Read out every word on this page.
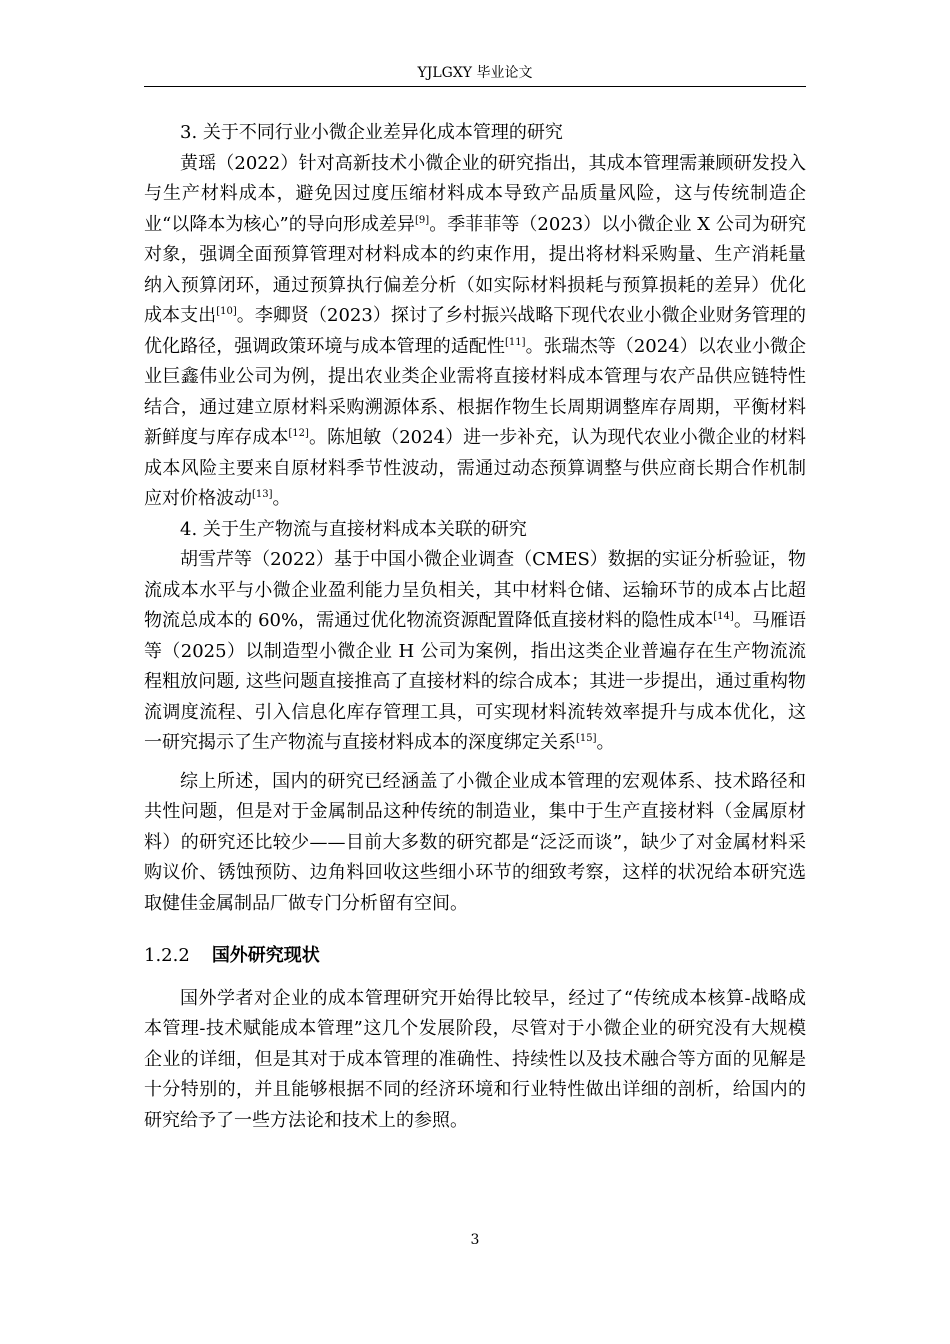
YJLGXY 毕业论文

3. 关于不同行业小微企业差异化成本管理的研究

黄瑶（2022）针对高新技术小微企业的研究指出，其成本管理需兼顾研发投入与生产材料成本，避免因过度压缩材料成本导致产品质量风险，这与传统制造企业“以降本为核心”的导向形成差异[9]。季菲菲等（2023）以小微企业 X 公司为研究对象，强调全面预算管理对材料成本的约束作用，提出将材料采购量、生产消耗量纳入预算闭环，通过预算执行偏差分析（如实际材料损耗与预算损耗的差异）优化成本支出[10]。李卿贤（2023）探讨了乡村振兴战略下现代农业小微企业财务管理的优化路径，强调政策环境与成本管理的适配性[11]。张瑞杰等（2024）以农业小微企业巨鑫伟业公司为例，提出农业类企业需将直接材料成本管理与农产品供应链特性结合，通过建立原材料采购溯源体系、根据作物生长周期调整库存周期，平衡材料新鲜度与库存成本[12]。陈旭敏（2024）进一步补充，认为现代农业小微企业的材料成本风险主要来自原材料季节性波动，需通过动态预算调整与供应商长期合作机制应对价格波动[13]。

4. 关于生产物流与直接材料成本关联的研究

胡雪芹等（2022）基于中国小微企业调查（CMES）数据的实证分析验证，物流成本水平与小微企业盈利能力呈负相关，其中材料仓储、运输环节的成本占比超物流总成本的 60%，需通过优化物流资源配置降低直接材料的隐性成本[14]。马雁语等（2025）以制造型小微企业 H 公司为案例，指出这类企业普遍存在生产物流流程粗放问题, 这些问题直接推高了直接材料的综合成本；其进一步提出，通过重构物流调度流程、引入信息化库存管理工具，可实现材料流转效率提升与成本优化，这一研究揭示了生产物流与直接材料成本的深度绑定关系[15]。

综上所述，国内的研究已经涵盖了小微企业成本管理的宏观体系、技术路径和共性问题，但是对于金属制品这种传统的制造业，集中于生产直接材料（金属原材料）的研究还比较少——目前大多数的研究都是“泛泛而谈”，缺少了对金属材料采购议价、锈蚀预防、边角料回收这些细小环节的细致考察，这样的状况给本研究选取健佳金属制品厂做专门分析留有空间。

1.2.2 国外研究现状

国外学者对企业的成本管理研究开始得比较早，经过了“传统成本核算-战略成本管理-技术赋能成本管理”这几个发展阶段，尽管对于小微企业的研究没有大规模企业的详细，但是其对于成本管理的准确性、持续性以及技术融合等方面的见解是十分特别的，并且能够根据不同的经济环境和行业特性做出详细的剖析，给国内的研究给予了一些方法论和技术上的参照。

3
